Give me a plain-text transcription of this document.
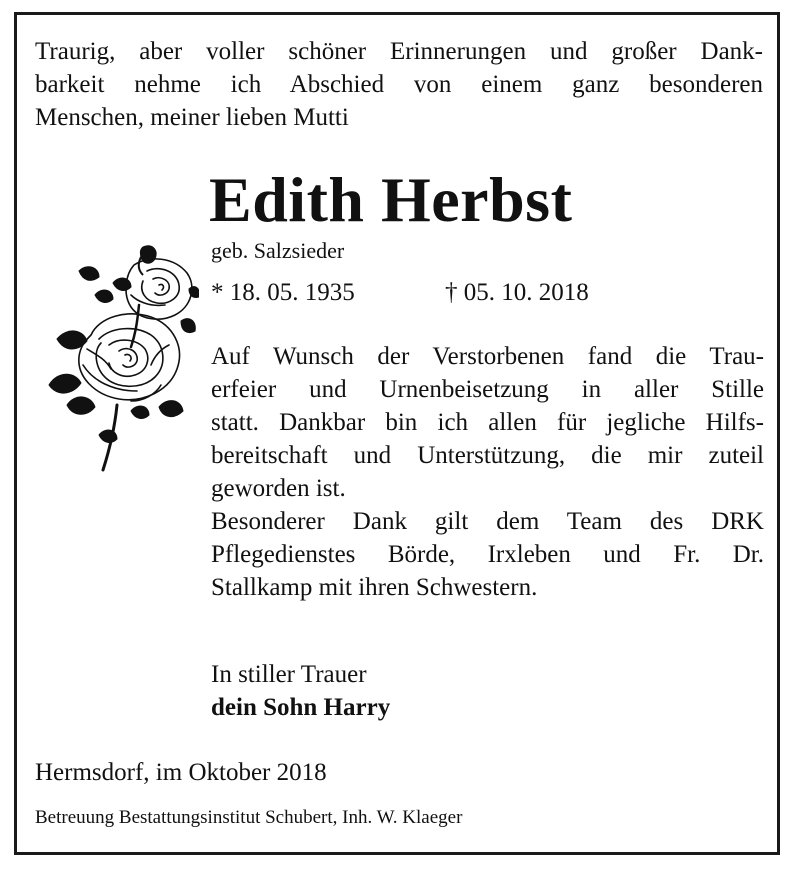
Traurig, aber voller schöner Erinnerungen und großer Dank-
barkeit nehme ich Abschied von einem ganz besonderen
Menschen, meiner lieben Mutti
Edith Herbst
geb. Salzsieder
* 18. 05. 1935	† 05. 10. 2018
Auf Wunsch der Verstorbenen fand die Trau-
erfeier und Urnenbeisetzung in aller Stille
statt. Dankbar bin ich allen für jegliche Hilfs-
bereitschaft und Unterstützung, die mir zuteil
geworden ist.
Besonderer Dank gilt dem Team des DRK
Pflegedienstes Börde, Irxleben und Fr. Dr.
Stallkamp mit ihren Schwestern.
In stiller Trauer
dein Sohn Harry
Hermsdorf, im Oktober 2018
Betreuung Bestattungsinstitut Schubert, Inh. W. Klaeger
